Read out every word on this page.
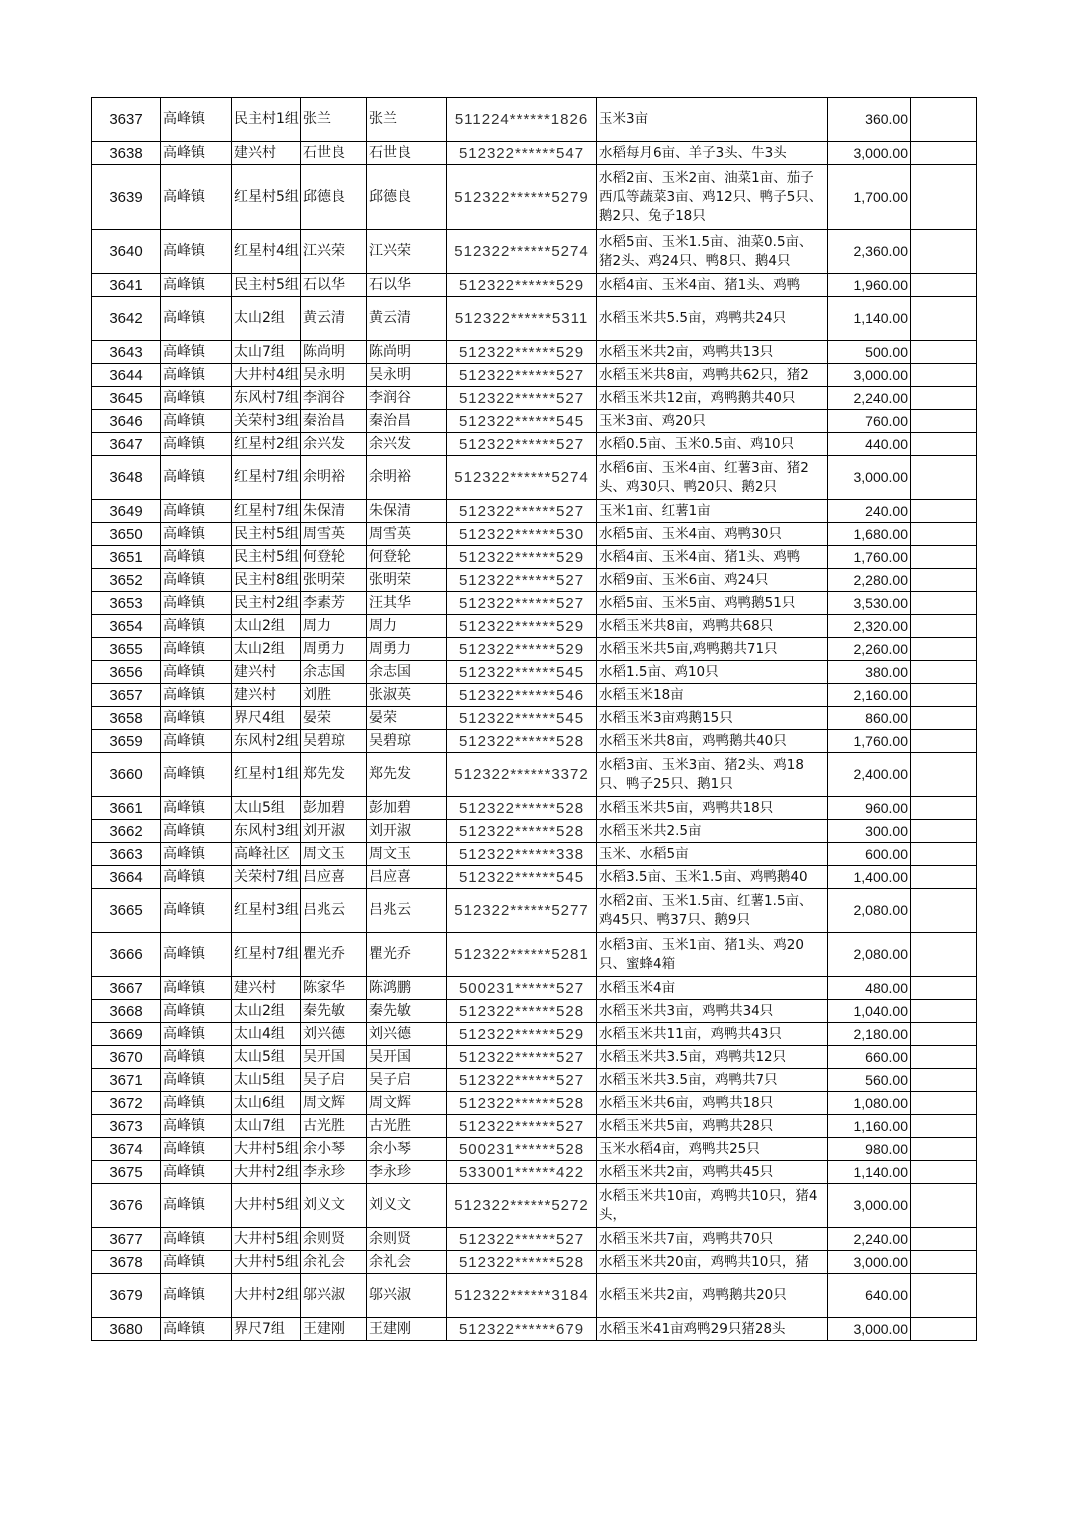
3637	高峰镇	民主村1组	张兰	张兰	511224******1826	玉米3亩	360.00	
3638	高峰镇	建兴村	石世良	石世良	512322******547	水稻每月6亩、羊子3头、牛3头	3,000.00	
3639	高峰镇	红星村5组	邱德良	邱德良	512322******5279	水稻2亩、玉米2亩、油菜1亩、茄子西瓜等蔬菜3亩、鸡12只、鸭子5只、鹅2只、兔子18只	1,700.00	
3640	高峰镇	红星村4组	江兴荣	江兴荣	512322******5274	水稻5亩、玉米1.5亩、油菜0.5亩、猪2头、鸡24只、鸭8只、鹅4只	2,360.00	
3641	高峰镇	民主村5组	石以华	石以华	512322******529	水稻4亩、玉米4亩、猪1头、鸡鸭	1,960.00	
3642	高峰镇	太山2组	黄云清	黄云清	512322******5311	水稻玉米共5.5亩，鸡鸭共24只	1,140.00	
3643	高峰镇	太山7组	陈尚明	陈尚明	512322******529	水稻玉米共2亩，鸡鸭共13只	500.00	
3644	高峰镇	大井村4组	吴永明	吴永明	512322******527	水稻玉米共8亩，鸡鸭共62只，猪2	3,000.00	
3645	高峰镇	东风村7组	李润谷	李润谷	512322******527	水稻玉米共12亩，鸡鸭鹅共40只	2,240.00	
3646	高峰镇	关荣村3组	秦治昌	秦治昌	512322******545	玉米3亩、鸡20只	760.00	
3647	高峰镇	红星村2组	余兴发	余兴发	512322******527	水稻0.5亩、玉米0.5亩、鸡10只	440.00	
3648	高峰镇	红星村7组	余明裕	余明裕	512322******5274	水稻6亩、玉米4亩、红薯3亩、猪2头、鸡30只、鸭20只、鹅2只	3,000.00	
3649	高峰镇	红星村7组	朱保清	朱保清	512322******527	玉米1亩、红薯1亩	240.00	
3650	高峰镇	民主村5组	周雪英	周雪英	512322******530	水稻5亩、玉米4亩、鸡鸭30只	1,680.00	
3651	高峰镇	民主村5组	何登轮	何登轮	512322******529	水稻4亩、玉米4亩、猪1头、鸡鸭	1,760.00	
3652	高峰镇	民主村8组	张明荣	张明荣	512322******527	水稻9亩、玉米6亩、鸡24只	2,280.00	
3653	高峰镇	民主村2组	李素芳	汪其华	512322******527	水稻5亩、玉米5亩、鸡鸭鹅51只	3,530.00	
3654	高峰镇	太山2组	周力	周力	512322******529	水稻玉米共8亩，鸡鸭共68只	2,320.00	
3655	高峰镇	太山2组	周勇力	周勇力	512322******529	水稻玉米共5亩,鸡鸭鹅共71只	2,260.00	
3656	高峰镇	建兴村	余志国	余志国	512322******545	水稻1.5亩、鸡10只	380.00	
3657	高峰镇	建兴村	刘胜	张淑英	512322******546	水稻玉米18亩	2,160.00	
3658	高峰镇	界尺4组	晏荣	晏荣	512322******545	水稻玉米3亩鸡鹅15只	860.00	
3659	高峰镇	东风村2组	吴碧琼	吴碧琼	512322******528	水稻玉米共8亩，鸡鸭鹅共40只	1,760.00	
3660	高峰镇	红星村1组	郑先发	郑先发	512322******3372	水稻3亩、玉米3亩、猪2头、鸡18只、鸭子25只、鹅1只	2,400.00	
3661	高峰镇	太山5组	彭加碧	彭加碧	512322******528	水稻玉米共5亩，鸡鸭共18只	960.00	
3662	高峰镇	东风村3组	刘开淑	刘开淑	512322******528	水稻玉米共2.5亩	300.00	
3663	高峰镇	高峰社区	周文玉	周文玉	512322******338	玉米、水稻5亩	600.00	
3664	高峰镇	关荣村7组	吕应喜	吕应喜	512322******545	水稻3.5亩、玉米1.5亩、鸡鸭鹅40	1,400.00	
3665	高峰镇	红星村3组	吕兆云	吕兆云	512322******5277	水稻2亩、玉米1.5亩、红薯1.5亩、鸡45只、鸭37只、鹅9只	2,080.00	
3666	高峰镇	红星村7组	瞿光乔	瞿光乔	512322******5281	水稻3亩、玉米1亩、猪1头、鸡20只、蜜蜂4箱	2,080.00	
3667	高峰镇	建兴村	陈家华	陈鸿鹏	500231******527	水稻玉米4亩	480.00	
3668	高峰镇	太山2组	秦先敏	秦先敏	512322******528	水稻玉米共3亩，鸡鸭共34只	1,040.00	
3669	高峰镇	太山4组	刘兴德	刘兴德	512322******529	水稻玉米共11亩，鸡鸭共43只	2,180.00	
3670	高峰镇	太山5组	吴开国	吴开国	512322******527	水稻玉米共3.5亩，鸡鸭共12只	660.00	
3671	高峰镇	太山5组	吴子启	吴子启	512322******527	水稻玉米共3.5亩，鸡鸭共7只	560.00	
3672	高峰镇	太山6组	周文辉	周文辉	512322******528	水稻玉米共6亩，鸡鸭共18只	1,080.00	
3673	高峰镇	太山7组	古光胜	古光胜	512322******527	水稻玉米共5亩，鸡鸭共28只	1,160.00	
3674	高峰镇	大井村5组	余小琴	余小琴	500231******528	玉米水稻4亩，鸡鸭共25只	980.00	
3675	高峰镇	大井村2组	李永珍	李永珍	533001******422	水稻玉米共2亩，鸡鸭共45只	1,140.00	
3676	高峰镇	大井村5组	刘义文	刘义文	512322******5272	水稻玉米共10亩，鸡鸭共10只，猪4头，	3,000.00	
3677	高峰镇	大井村5组	余则贤	余则贤	512322******527	水稻玉米共7亩，鸡鸭共70只	2,240.00	
3678	高峰镇	大井村5组	余礼会	余礼会	512322******528	水稻玉米共20亩，鸡鸭共10只，猪	3,000.00	
3679	高峰镇	大井村2组	邬兴淑	邬兴淑	512322******3184	水稻玉米共2亩，鸡鸭鹅共20只	640.00	
3680	高峰镇	界尺7组	王建刚	王建刚	512322******679	水稻玉米41亩鸡鸭29只猪28头	3,000.00	
